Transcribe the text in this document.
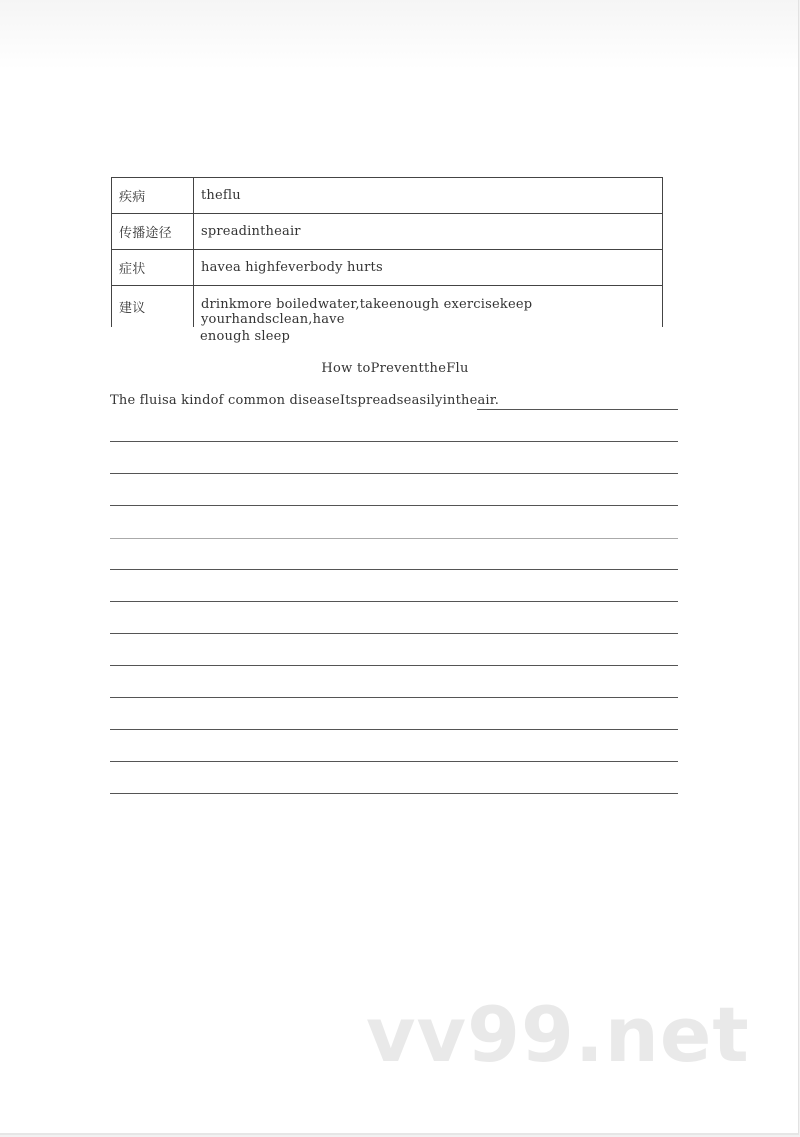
疾病	theflu
传播途径	spreadintheair
症状	havea highfeverbody hurts
建议	drinkmore boiledwater,takeenough exercisekeep yourhandsclean,have
enough sleep
How toPreventtheFlu
The fluisa kindof common diseaseItspreadseasilyintheair.
vv99.net
